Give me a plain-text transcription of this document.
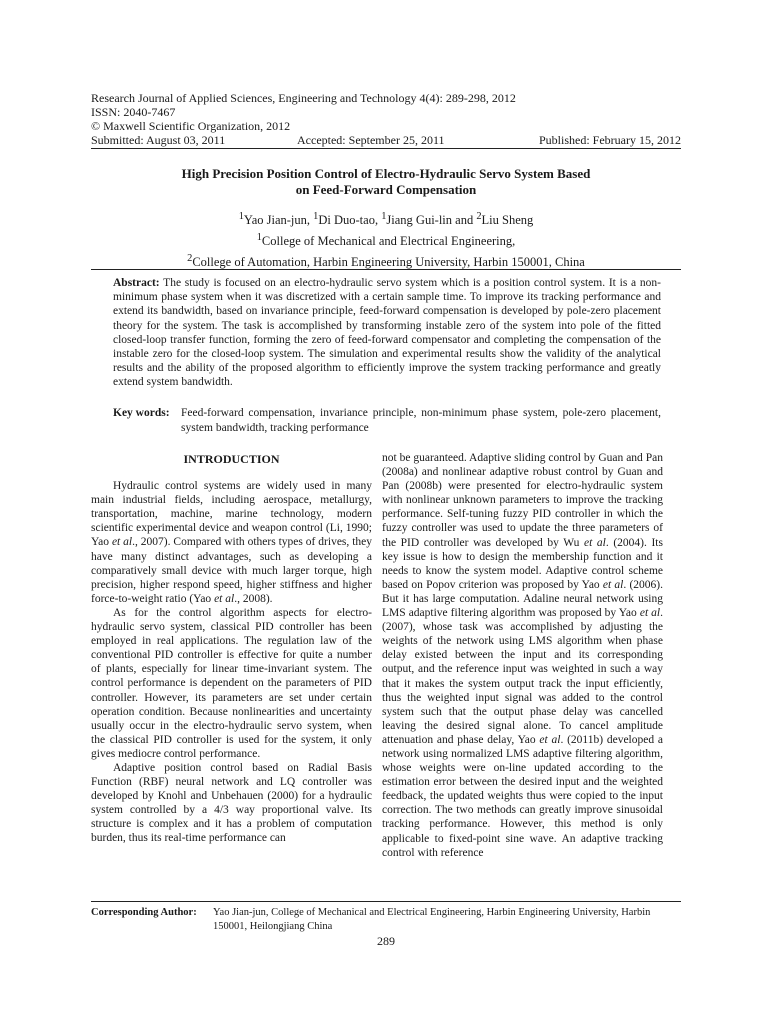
Research Journal of Applied Sciences, Engineering and Technology 4(4): 289-298, 2012
ISSN: 2040-7467
© Maxwell Scientific Organization, 2012
Submitted: August 03, 2011	Accepted: September 25, 2011	Published: February 15, 2012
High Precision Position Control of Electro-Hydraulic Servo System Based
on Feed-Forward Compensation
$^1$Yao Jian-jun, $^1$Di Duo-tao, $^1$Jiang Gui-lin and $^2$Liu Sheng
$^1$College of Mechanical and Electrical Engineering,
$^2$College of Automation, Harbin Engineering University, Harbin 150001, China
Abstract: The study is focused on an electro-hydraulic servo system which is a position control system. It is a non-minimum phase system when it was discretized with a certain sample time. To improve its tracking performance and extend its bandwidth, based on invariance principle, feed-forward compensation is developed by pole-zero placement theory for the system. The task is accomplished by transforming instable zero of the system into pole of the fitted closed-loop transfer function, forming the zero of feed-forward compensator and completing the compensation of the instable zero for the closed-loop system. The simulation and experimental results show the validity of the analytical results and the ability of the proposed algorithm to efficiently improve the system tracking performance and greatly extend system bandwidth.
Key words: Feed-forward compensation, invariance principle, non-minimum phase system, pole-zero placement, system bandwidth, tracking performance
INTRODUCTION

Hydraulic control systems are widely used in many main industrial fields, including aerospace, metallurgy, transportation, machine, marine technology, modern scientific experimental device and weapon control (Li, 1990; Yao et al., 2007). Compared with others types of drives, they have many distinct advantages, such as developing a comparatively small device with much larger torque, high precision, higher respond speed, higher stiffness and higher force-to-weight ratio (Yao et al., 2008).

As for the control algorithm aspects for electro-hydraulic servo system, classical PID controller has been employed in real applications. The regulation law of the conventional PID controller is effective for quite a number of plants, especially for linear time-invariant system. The control performance is dependent on the parameters of PID controller. However, its parameters are set under certain operation condition. Because nonlinearities and uncertainty usually occur in the electro-hydraulic servo system, when the classical PID controller is used for the system, it only gives mediocre control performance.

Adaptive position control based on Radial Basis Function (RBF) neural network and LQ controller was developed by Knohl and Unbehauen (2000) for a hydraulic system controlled by a 4/3 way proportional valve. Its structure is complex and it has a problem of computation burden, thus its real-time performance can

not be guaranteed. Adaptive sliding control by Guan and Pan (2008a) and nonlinear adaptive robust control by Guan and Pan (2008b) were presented for electro-hydraulic system with nonlinear unknown parameters to improve the tracking performance. Self-tuning fuzzy PID controller in which the fuzzy controller was used to update the three parameters of the PID controller was developed by Wu et al. (2004). Its key issue is how to design the membership function and it needs to know the system model. Adaptive control scheme based on Popov criterion was proposed by Yao et al. (2006). But it has large computation. Adaline neural network using LMS adaptive filtering algorithm was proposed by Yao et al. (2007), whose task was accomplished by adjusting the weights of the network using LMS algorithm when phase delay existed between the input and its corresponding output, and the reference input was weighted in such a way that it makes the system output track the input efficiently, thus the weighted input signal was added to the control system such that the output phase delay was cancelled leaving the desired signal alone. To cancel amplitude attenuation and phase delay, Yao et al. (2011b) developed a network using normalized LMS adaptive filtering algorithm, whose weights were on-line updated according to the estimation error between the desired input and the weighted feedback, the updated weights thus were copied to the input correction. The two methods can greatly improve sinusoidal tracking performance. However, this method is only applicable to fixed-point sine wave. An adaptive tracking control with reference

Corresponding Author: Yao Jian-jun, College of Mechanical and Electrical Engineering, Harbin Engineering University, Harbin 150001, Heilongjiang China
289
